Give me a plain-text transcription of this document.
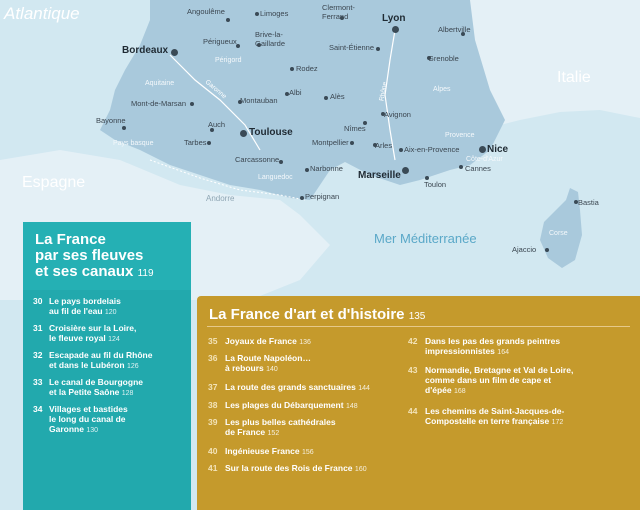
Atlantique
Italie
Espagne
Andorre
Mer Méditerranée
Aquitaine
Pays basque
Languedoc
Provence
Côte-d'Azur
Alpes
Périgord
Corse
Garonne	Rhône
Angoulême	Limoges
Clermont-Ferrand	Lyon
Albertville
Bordeaux
Périgueux
Brive-la-Gaillarde	Saint-Étienne
Grenoble
Rodez
Mont-de-Marsan	Montauban
Albi	Alès
Bayonne	Auch
Toulouse	Nîmes
Avignon
Nice
Tarbes	Montpellier	Arles Aix-en-Provence
Carcassonne
Narbonne
Marseille
Cannes
Toulon
Perpignan
Bastia
Ajaccio
La France
par ses fleuves
et ses canaux 119
30 Le pays bordelais
au fil de l'eau 120
31 Croisière sur la Loire,
le fleuve royal 124
32 Escapade au fil du Rhône
et dans le Lubéron 126
33 Le canal de Bourgogne
et la Petite Saône 128
34 Villages et bastides
le long du canal de
Garonne 130
La France d'art et d'histoire 135
35 Joyaux de France 136
36 La Route Napoléon…
à rebours 140
37 La route des grands sanctuaires 144
38 Les plages du Débarquement 148
39 Les plus belles cathédrales
de France 152
40 Ingénieuse France 156
41 Sur la route des Rois de France 160
42 Dans les pas des grands peintres
impressionnistes 164
43 Normandie, Bretagne et Val de Loire,
comme dans un film de cape et
d'épée 168
44 Les chemins de Saint-Jacques-de-
Compostelle en terre française 172
